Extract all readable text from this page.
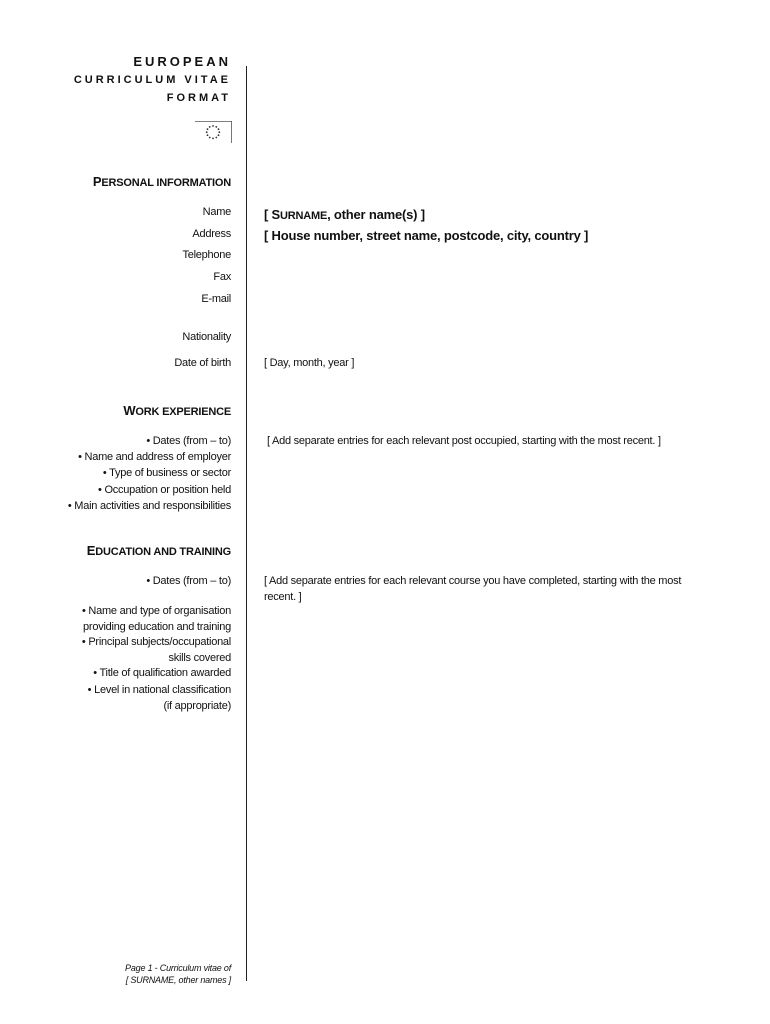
EUROPEAN
CURRICULUM VITAE
FORMAT
PERSONAL INFORMATION
Name	[ SURNAME, other name(s) ]
Address	[ House number, street name, postcode, city, country ]
Telephone
Fax
E-mail
Nationality
Date of birth	[ Day, month, year ]
WORK EXPERIENCE
• Dates (from – to)	[ Add separate entries for each relevant post occupied, starting with the most recent. ]
• Name and address of employer
• Type of business or sector
• Occupation or position held
• Main activities and responsibilities
EDUCATION AND TRAINING
• Dates (from – to)	[ Add separate entries for each relevant course you have completed, starting with the most
recent. ]
• Name and type of organisation
providing education and training
• Principal subjects/occupational
skills covered
• Title of qualification awarded
• Level in national classification
(if appropriate)
Page 1 - Curriculum vitae of
[ SURNAME, other names ]
